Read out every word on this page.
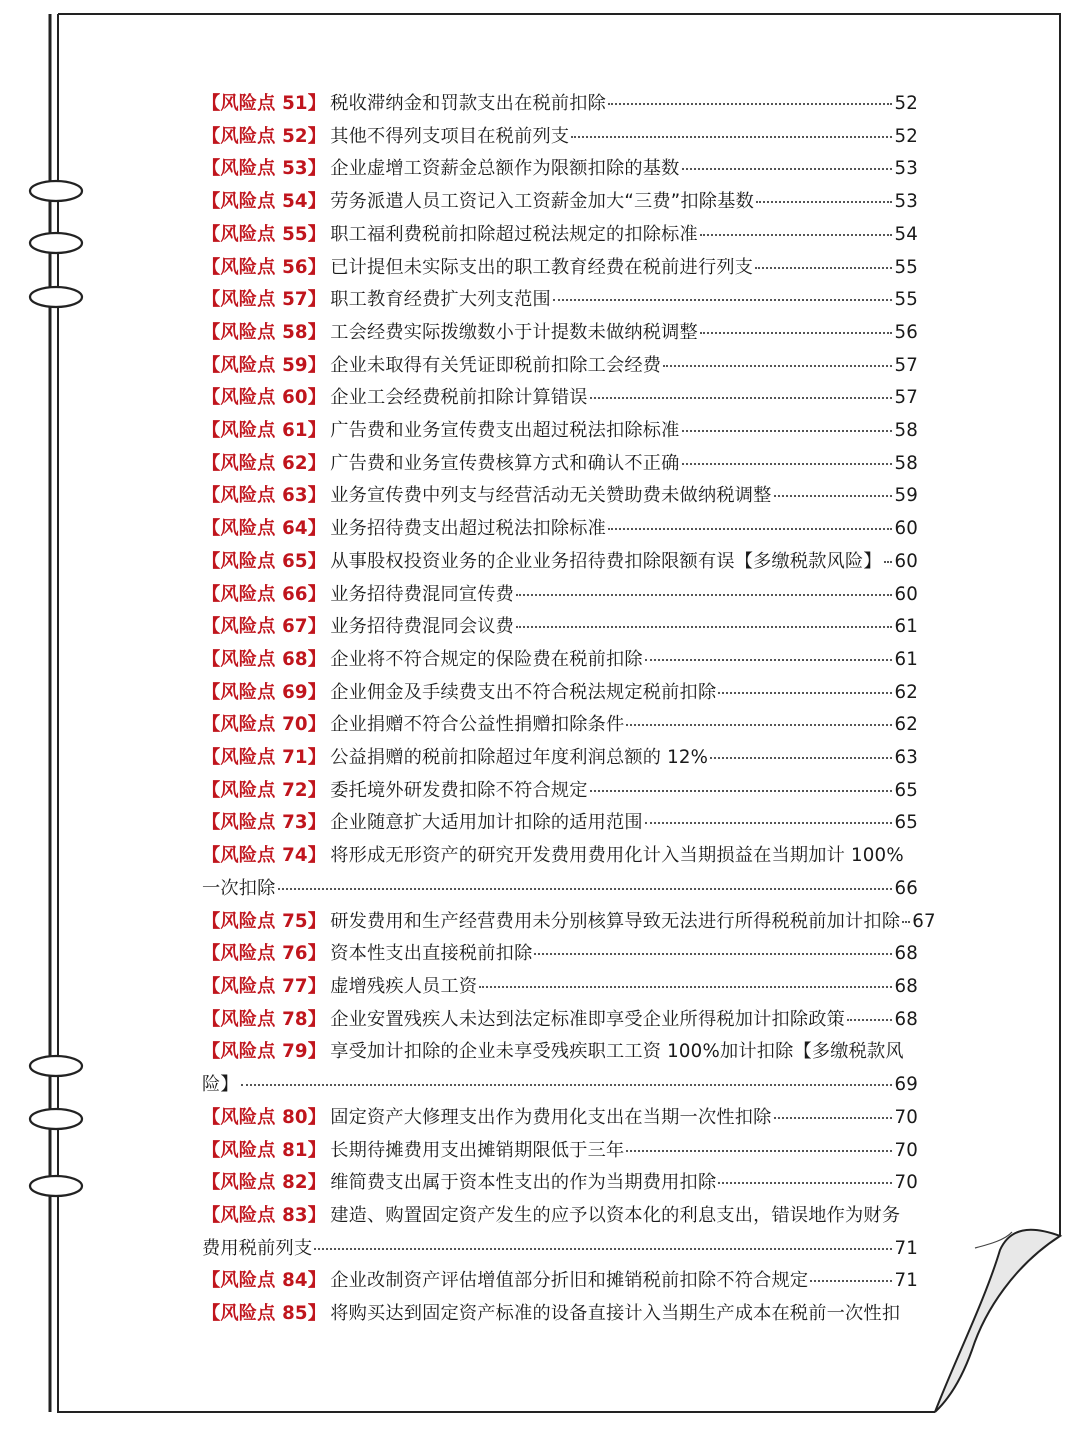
【风险点 51】 税收滞纳金和罚款支出在税前扣除	52
【风险点 52】 其他不得列支项目在税前列支	52
【风险点 53】 企业虚增工资薪金总额作为限额扣除的基数	53
【风险点 54】 劳务派遣人员工资记入工资薪金加大“三费”扣除基数	53
【风险点 55】 职工福利费税前扣除超过税法规定的扣除标准	54
【风险点 56】 已计提但未实际支出的职工教育经费在税前进行列支	55
【风险点 57】 职工教育经费扩大列支范围	55
【风险点 58】 工会经费实际拨缴数小于计提数未做纳税调整	56
【风险点 59】 企业未取得有关凭证即税前扣除工会经费	57
【风险点 60】 企业工会经费税前扣除计算错误	57
【风险点 61】 广告费和业务宣传费支出超过税法扣除标准	58
【风险点 62】 广告费和业务宣传费核算方式和确认不正确	58
【风险点 63】 业务宣传费中列支与经营活动无关赞助费未做纳税调整	59
【风险点 64】 业务招待费支出超过税法扣除标准	60
【风险点 65】 从事股权投资业务的企业业务招待费扣除限额有误【多缴税款风险】 60
【风险点 66】 业务招待费混同宣传费	60
【风险点 67】 业务招待费混同会议费	61
【风险点 68】 企业将不符合规定的保险费在税前扣除	61
【风险点 69】 企业佣金及手续费支出不符合税法规定税前扣除	62
【风险点 70】 企业捐赠不符合公益性捐赠扣除条件	62
【风险点 71】 公益捐赠的税前扣除超过年度利润总额的 12%	63
【风险点 72】 委托境外研发费扣除不符合规定	65
【风险点 73】 企业随意扩大适用加计扣除的适用范围	65
【风险点 74】 将形成无形资产的研究开发费用费用化计入当期损益在当期加计 100%
一次扣除	66
【风险点 75】 研发费用和生产经营费用未分别核算导致无法进行所得税税前加计扣除 67
【风险点 76】 资本性支出直接税前扣除	68
【风险点 77】 虚增残疾人员工资	68
【风险点 78】 企业安置残疾人未达到法定标准即享受企业所得税加计扣除政策	68
【风险点 79】 享受加计扣除的企业未享受残疾职工工资 100%加计扣除【多缴税款风
险】	69
【风险点 80】 固定资产大修理支出作为费用化支出在当期一次性扣除	70
【风险点 81】 长期待摊费用支出摊销期限低于三年	70
【风险点 82】 维简费支出属于资本性支出的作为当期费用扣除	70
【风险点 83】 建造、购置固定资产发生的应予以资本化的利息支出，错误地作为财务
费用税前列支	71
【风险点 84】 企业改制资产评估增值部分折旧和摊销税前扣除不符合规定	71
【风险点 85】 将购买达到固定资产标准的设备直接计入当期生产成本在税前一次性扣
